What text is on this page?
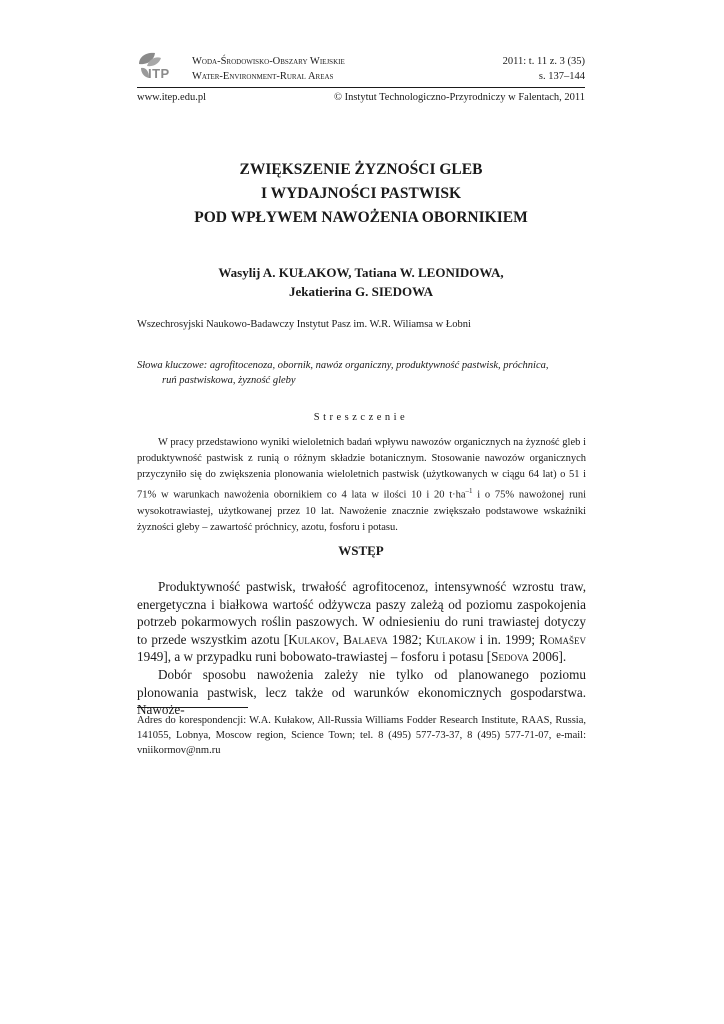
ITP
Woda-Środowisko-Obszary Wiejskie
Water-Environment-Rural Areas
2011: t. 11 z. 3 (35)
s. 137–144
www.itep.edu.pl	© Instytut Technologiczno-Przyrodniczy w Falentach, 2011
ZWIĘKSZENIE ŻYZNOŚCI GLEB
I WYDAJNOŚCI PASTWISK
POD WPŁYWEM NAWOŻENIA OBORNIKIEM
Wasylij A. KUŁAKOW, Tatiana W. LEONIDOWA,
Jekatierina G. SIEDOWA
Wszechrosyjski Naukowo-Badawczy Instytut Pasz im. W.R. Wiliamsa w Łobni
Słowa kluczowe: agrofitocenoza, obornik, nawóz organiczny, produktywność pastwisk, próchnica,
ruń pastwiskowa, żyzność gleby
Streszczenie

W pracy przedstawiono wyniki wieloletnich badań wpływu nawozów organicznych na żyzność gleb i produktywność pastwisk z runią o różnym składzie botanicznym. Stosowanie nawozów organicznych przyczyniło się do zwiększenia plonowania wieloletnich pastwisk (użytkowanych w ciągu 64 lat) o 51 i 71% w warunkach nawożenia obornikiem co 4 lata w ilości 10 i 20 $t\cdot ha^{-1}$ i o 75% nawożonej runi wysokotrawiastej, użytkowanej przez 10 lat. Nawożenie znacznie zwiększało podstawowe wskaźniki żyzności gleby – zawartość próchnicy, azotu, fosforu i potasu.

WSTĘP

Produktywność pastwisk, trwałość agrofitocenoz, intensywność wzrostu traw, energetyczna i białkowa wartość odżywcza paszy zależą od poziomu zaspokojenia potrzeb pokarmowych roślin paszowych. W odniesieniu do runi trawiastej dotyczy to przede wszystkim azotu [Kulakov, Balaeva 1982; Kulakow i in. 1999; Romašev 1949], a w przypadku runi bobowato-trawiastej – fosforu i potasu [Sedova 2006].

Dobór sposobu nawożenia zależy nie tylko od planowanego poziomu plonowania pastwisk, lecz także od warunków ekonomicznych gospodarstwa. Nawoże-

Adres do korespondencji: W.A. Kułakow, All-Russia Williams Fodder Research Institute, RAAS, Russia, 141055, Lobnya, Moscow region, Science Town; tel. 8 (495) 577-73-37, 8 (495) 577-71-07, e-mail: vniikormov@nm.ru
